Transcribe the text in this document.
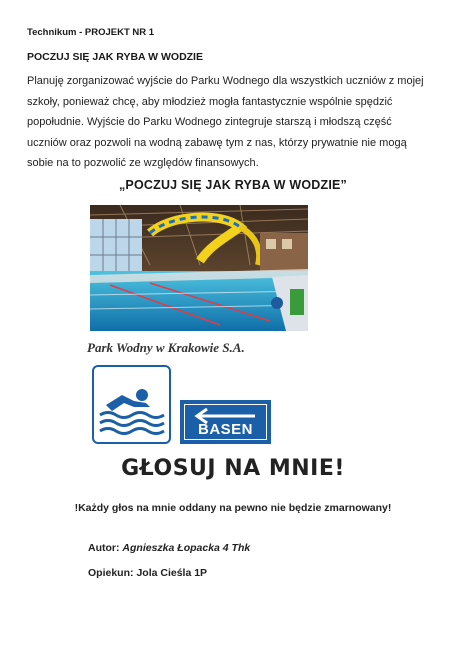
Technikum - PROJEKT NR 1
POCZUJ SIĘ JAK RYBA W WODZIE

Planuję zorganizować wyjście do Parku Wodnego dla wszystkich uczniów z mojej

szkoły, ponieważ chcę, aby młodzież mogła fantastycznie wspólnie spędzić

popołudnie. Wyjście do Parku Wodnego zintegruje starszą i młodszą część

uczniów oraz pozwoli na wodną zabawę tym z nas, którzy prywatnie nie mogą

sobie na to pozwolić ze względów finansowych.

„POCZUJ SIĘ JAK RYBA W WODZIE”
Park Wodny w Krakowie S.A.
BASEN
GŁOSUJ NA MNIE!
!Każdy głos na mnie oddany na pewno nie będzie zmarnowany!
Autor: Agnieszka Łopacka 4 Thk
Opiekun: Jola Cieśla 1P
